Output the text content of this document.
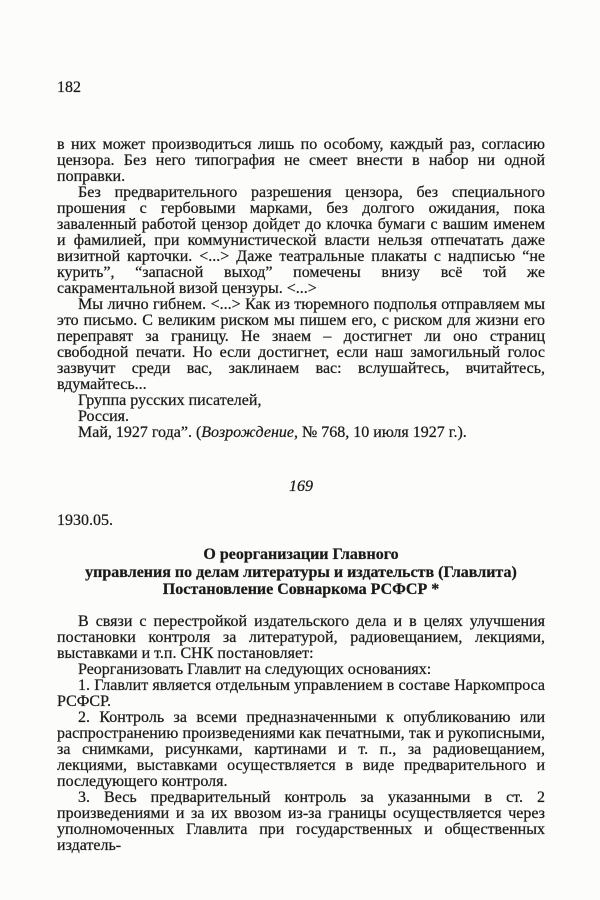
182

в них может производиться лишь по особому, каждый раз, согласию цензора. Без него типография не смеет внести в набор ни одной поправки.

Без предварительного разрешения цензора, без специального прошения с гербовыми марками, без долгого ожидания, пока заваленный работой цензор дойдет до клочка бумаги с вашим именем и фамилией, при коммунистической власти нельзя отпечатать даже визитной карточки. <...> Даже театральные плакаты с надписью “не курить”, “запасной выход” помечены внизу всё той же сакраментальной визой цензуры. <...>

Мы лично гибнем. <...> Как из тюремного подполья отправляем мы это письмо. С великим риском мы пишем его, с риском для жизни его переправят за границу. Не знаем – достигнет ли оно страниц свободной печати. Но если достигнет, если наш замогильный голос зазвучит среди вас, заклинаем вас: вслушайтесь, вчитайтесь, вдумайтесь...

Группа русских писателей,

Россия.

Май, 1927 года”. (Возрождение, № 768, 10 июля 1927 г.).

169
1930.05.
О реорганизации Главного
управления по делам литературы и издательств (Главлита)
Постановление Совнаркома РСФСР *

В связи с перестройкой издательского дела и в целях улучшения постановки контроля за литературой, радиовещанием, лекциями, выставками и т.п. СНК постановляет:

Реорганизовать Главлит на следующих основаниях:

1. Главлит является отдельным управлением в составе Наркомпроса РСФСР.

2. Контроль за всеми предназначенными к опубликованию или распространению произведениями как печатными, так и рукописными, за снимками, рисунками, картинами и т. п., за радиовещанием, лекциями, выставками осуществляется в виде предварительного и последующего контроля.

3. Весь предварительный контроль за указанными в ст. 2 произведениями и за их ввозом из-за границы осуществляется через уполномоченных Главлита при государственных и общественных издатель-
